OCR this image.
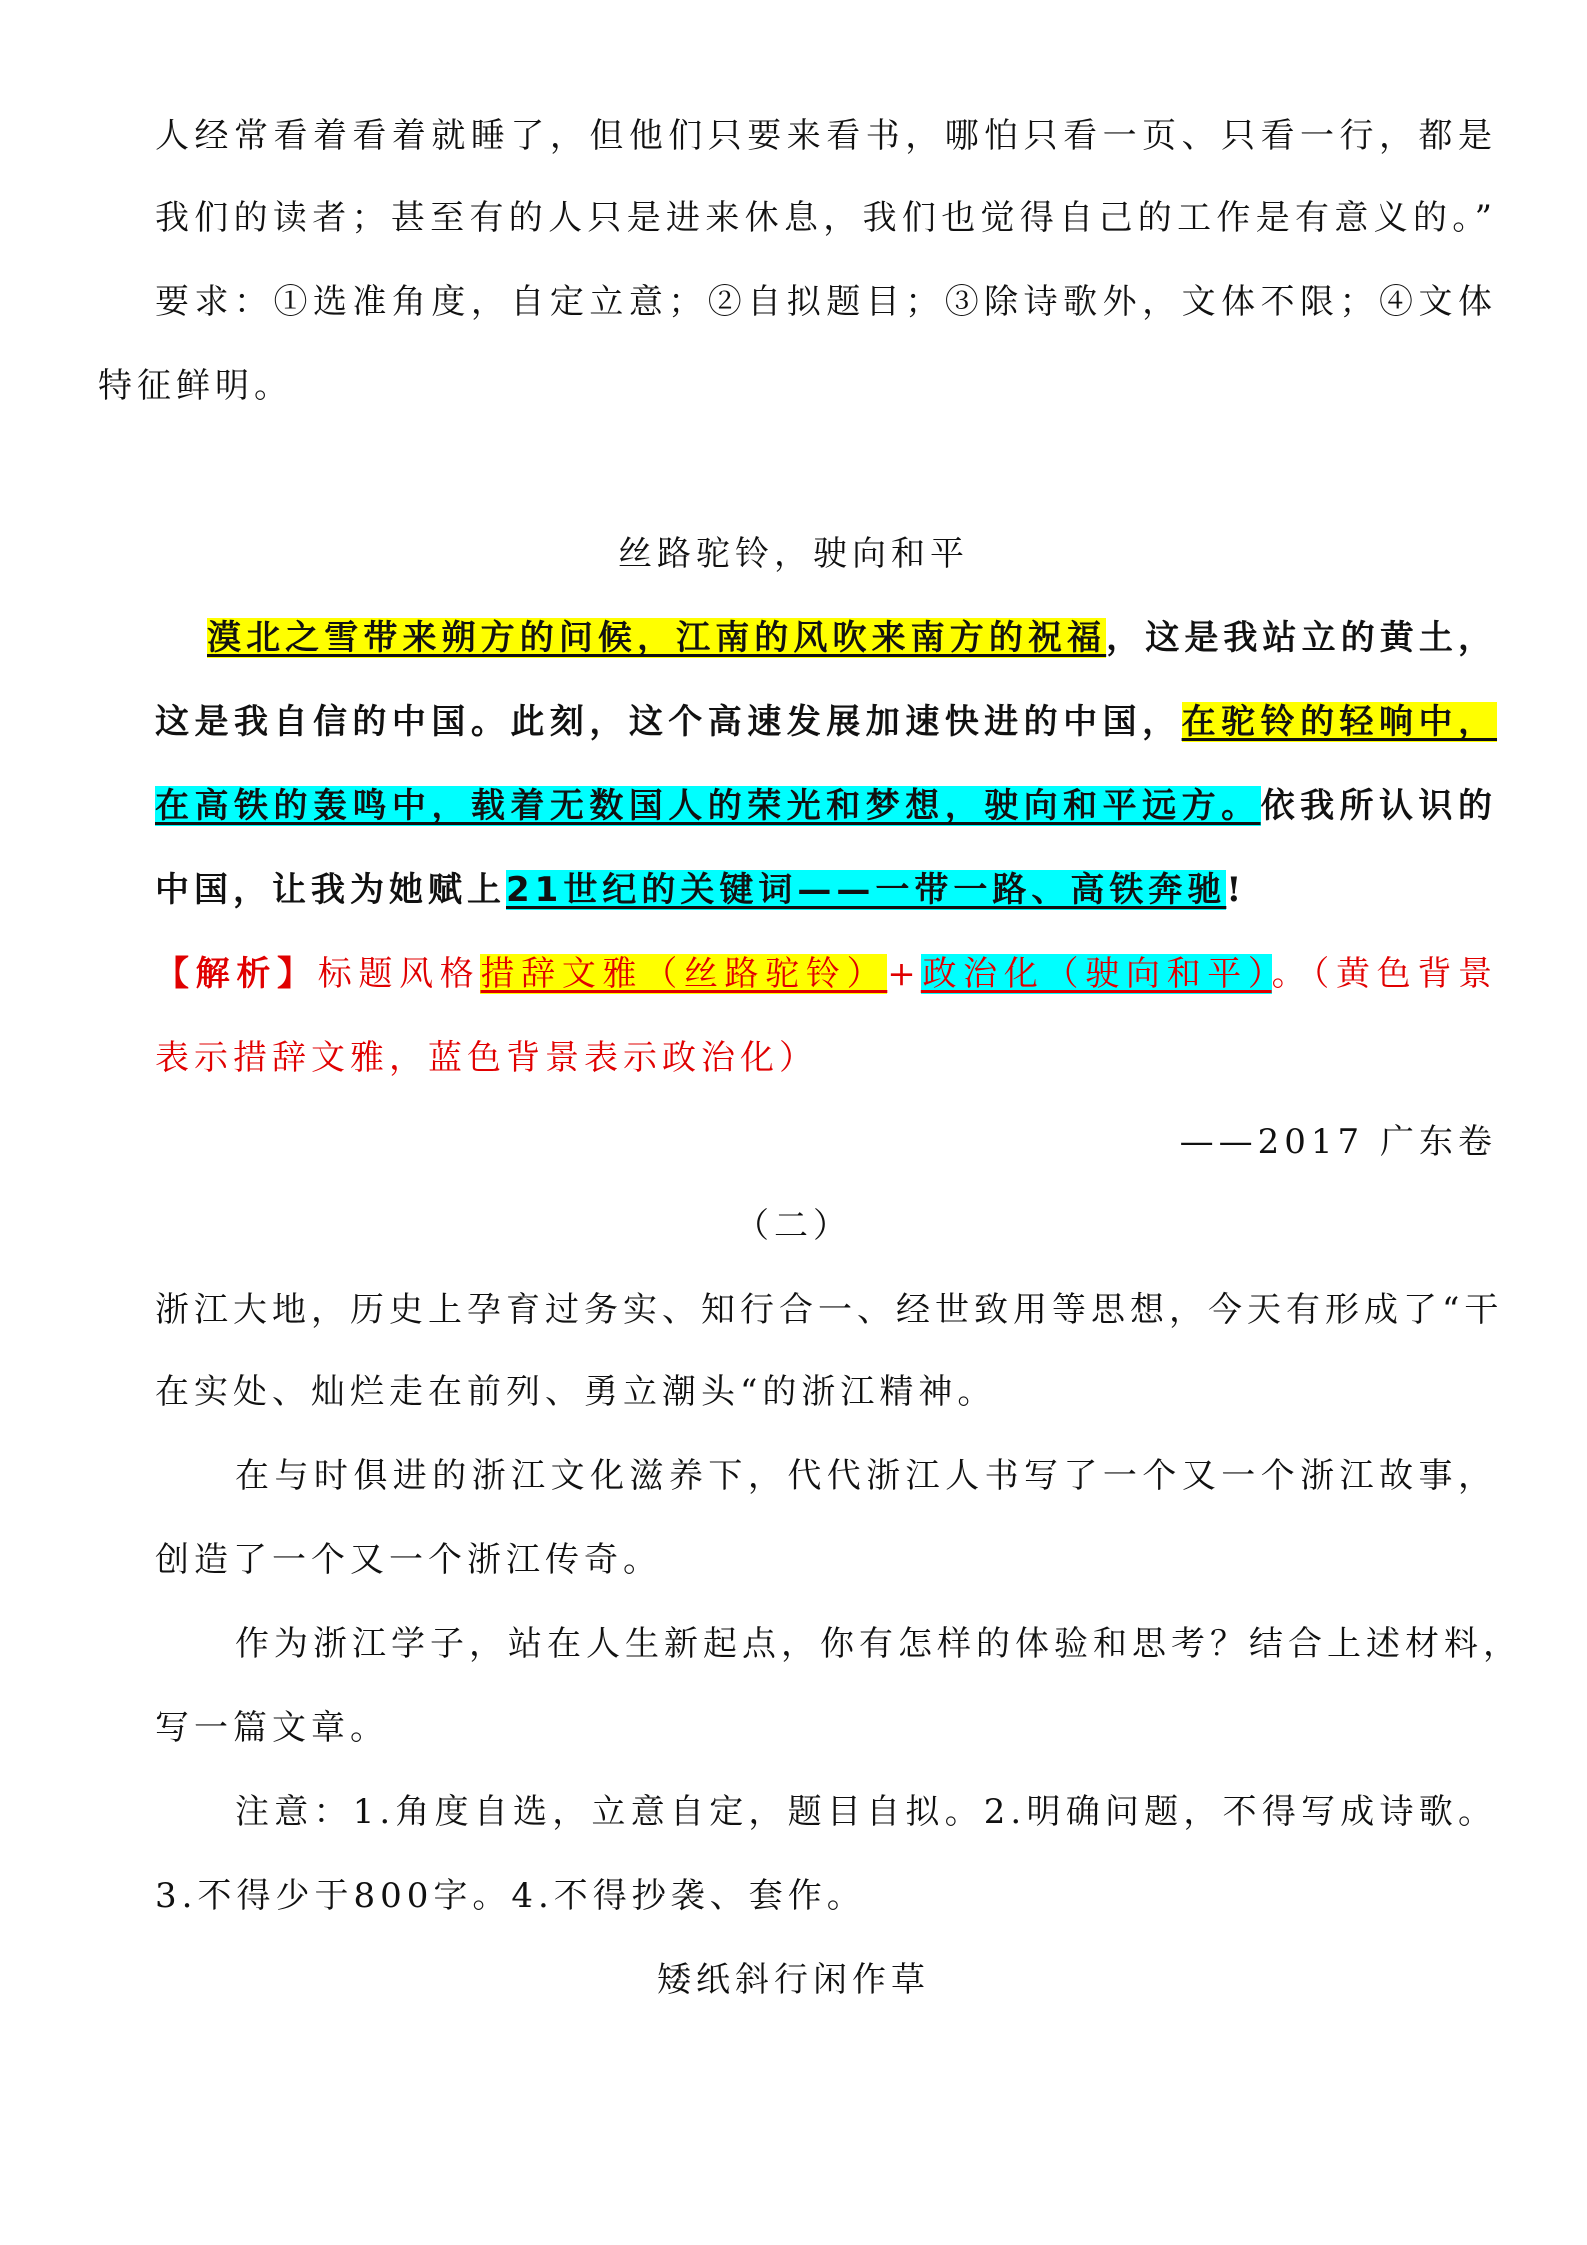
人经常看着看着就睡了，但他们只要来看书，哪怕只看一页、只看一行，都是
我们的读者；甚至有的人只是进来休息，我们也觉得自己的工作是有意义的。”
要求：①选准角度，自定立意；②自拟题目；③除诗歌外，文体不限；④文体
特征鲜明。
丝路驼铃，驶向和平
漠北之雪带来朔方的问候，江南的风吹来南方的祝福，这是我站立的黄土，
这是我自信的中国。此刻，这个高速发展加速快进的中国，在驼铃的轻响中，
在高铁的轰鸣中，载着无数国人的荣光和梦想，驶向和平远方。依我所认识的
中国，让我为她赋上21世纪的关键词——一带一路、高铁奔驰!
【解析】标题风格措辞文雅（丝路驼铃）+政治化（驶向和平）。（黄色背景
表示措辞文雅，蓝色背景表示政治化）
——2017 广东卷
（二）
浙江大地，历史上孕育过务实、知行合一、经世致用等思想，今天有形成了“干
在实处、灿烂走在前列、勇立潮头“的浙江精神。
在与时俱进的浙江文化滋养下，代代浙江人书写了一个又一个浙江故事，
创造了一个又一个浙江传奇。
作为浙江学子，站在人生新起点，你有怎样的体验和思考？结合上述材料，
写一篇文章。
注意：1.角度自选，立意自定，题目自拟。2.明确问题，不得写成诗歌。
3.不得少于800字。4.不得抄袭、套作。
矮纸斜行闲作草
